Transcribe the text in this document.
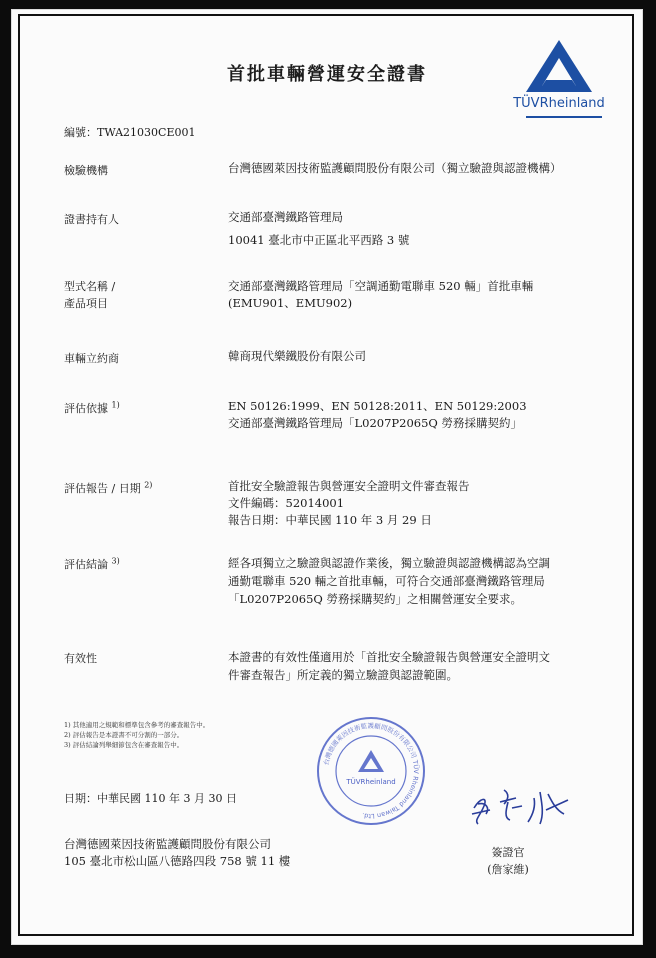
首批車輛營運安全證書
TÜVRheinland
編號：TWA21030CE001
檢驗機構	台灣德國萊因技術監護顧問股份有限公司（獨立驗證與認證機構）
證書持有人	交通部臺灣鐵路管理局
10041 臺北市中正區北平西路 3 號
型式名稱 /
產品項目
交通部臺灣鐵路管理局「空調通勤電聯車 520 輛」首批車輛
(EMU901、EMU902)
車輛立約商	韓商現代樂鐵股份有限公司
評估依據 $^{1)}$	EN 50126:1999、EN 50128:2011、EN 50129:2003
交通部臺灣鐵路管理局「L0207P2065Q 勞務採購契約」
評估報告 / 日期 $^{2)}$	首批安全驗證報告與營運安全證明文件審查報告
文件編碼：52014001
報告日期：中華民國 110 年 3 月 29 日
評估結論 $^{3)}$	經各項獨立之驗證與認證作業後，獨立驗證與認證機構認為空調
通勤電聯車 520 輛之首批車輛，可符合交通部臺灣鐵路管理局
「L0207P2065Q 勞務採購契約」之相關營運安全要求。
有效性	本證書的有效性僅適用於「首批安全驗證報告與營運安全證明文
件審查報告」所定義的獨立驗證與認證範圍。
1) 其他適用之規範和標準包含參考的審查報告中。
2) 評估報告是本證書不可分割的一部分。
3) 評估結論列舉細節包含在審查報告中。
台灣德國萊因技術監護顧問股份有限公司 TÜV Rheinland Taiwan Ltd.
TÜVRheinland
日期：中華民國 110 年 3 月 30 日
台灣德國萊因技術監護顧問股份有限公司
105 臺北市松山區八德路四段 758 號 11 樓
簽證官
(詹家維)
